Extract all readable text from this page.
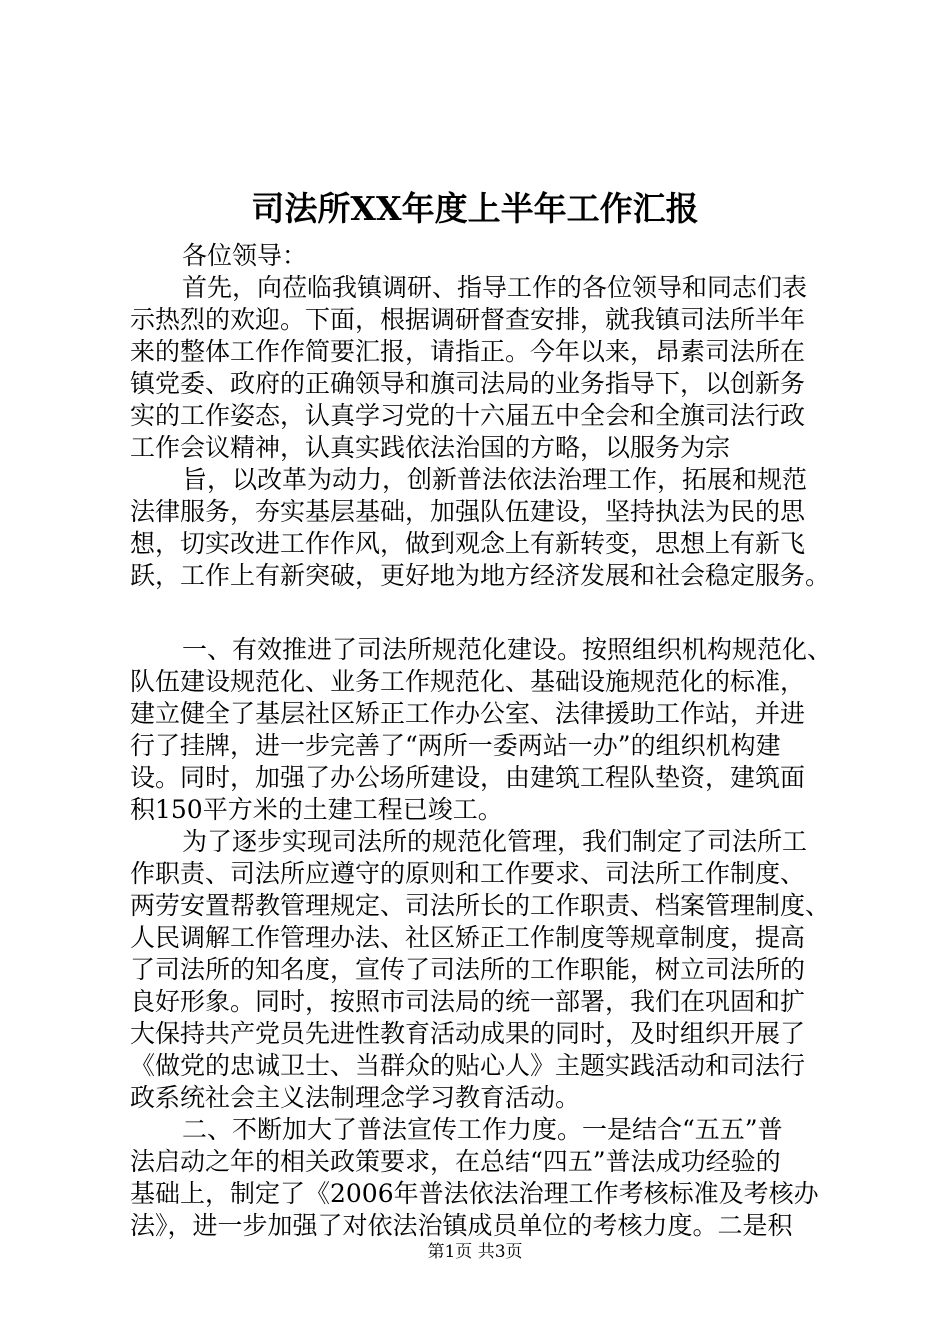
司法所XX年度上半年工作汇报

各位领导：

首先，向莅临我镇调研、指导工作的各位领导和同志们表

示热烈的欢迎。下面，根据调研督查安排，就我镇司法所半年

来的整体工作作简要汇报，请指正。今年以来，昂素司法所在

镇党委、政府的正确领导和旗司法局的业务指导下，以创新务

实的工作姿态，认真学习党的十六届五中全会和全旗司法行政

工作会议精神，认真实践依法治国的方略，以服务为宗

旨，以改革为动力，创新普法依法治理工作，拓展和规范

法律服务，夯实基层基础，加强队伍建设，坚持执法为民的思

想，切实改进工作作风，做到观念上有新转变，思想上有新飞

跃，工作上有新突破，更好地为地方经济发展和社会稳定服务。

一、有效推进了司法所规范化建设。按照组织机构规范化、

队伍建设规范化、业务工作规范化、基础设施规范化的标准，

建立健全了基层社区矫正工作办公室、法律援助工作站，并进

行了挂牌，进一步完善了“两所一委两站一办”的组织机构建

设。同时，加强了办公场所建设，由建筑工程队垫资，建筑面

积150平方米的土建工程已竣工。

为了逐步实现司法所的规范化管理，我们制定了司法所工

作职责、司法所应遵守的原则和工作要求、司法所工作制度、

两劳安置帮教管理规定、司法所长的工作职责、档案管理制度、

人民调解工作管理办法、社区矫正工作制度等规章制度，提高

了司法所的知名度，宣传了司法所的工作职能，树立司法所的

良好形象。同时，按照市司法局的统一部署，我们在巩固和扩

大保持共产党员先进性教育活动成果的同时，及时组织开展了

《做党的忠诚卫士、当群众的贴心人》主题实践活动和司法行

政系统社会主义法制理念学习教育活动。

二、不断加大了普法宣传工作力度。一是结合“五五”普

法启动之年的相关政策要求，在总结“四五”普法成功经验的

基础上，制定了《2006年普法依法治理工作考核标准及考核办

法》，进一步加强了对依法治镇成员单位的考核力度。二是积

第1页 共3页
